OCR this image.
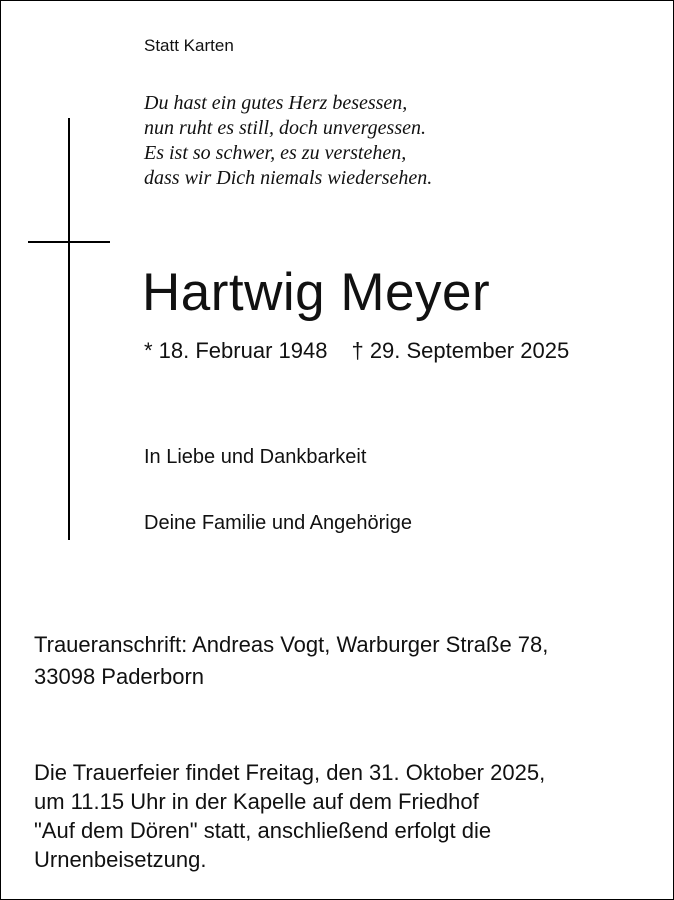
Statt Karten
Du hast ein gutes Herz besessen,
nun ruht es still, doch unvergessen.
Es ist so schwer, es zu verstehen,
dass wir Dich niemals wiedersehen.
Hartwig Meyer
* 18. Februar 1948 † 29. September 2025
In Liebe und Dankbarkeit
Deine Familie und Angehörige
Traueranschrift: Andreas Vogt, Warburger Straße 78,
33098 Paderborn
Die Trauerfeier findet Freitag, den 31. Oktober 2025,
um 11.15 Uhr in der Kapelle auf dem Friedhof
"Auf dem Dören" statt, anschließend erfolgt die
Urnenbeisetzung.
